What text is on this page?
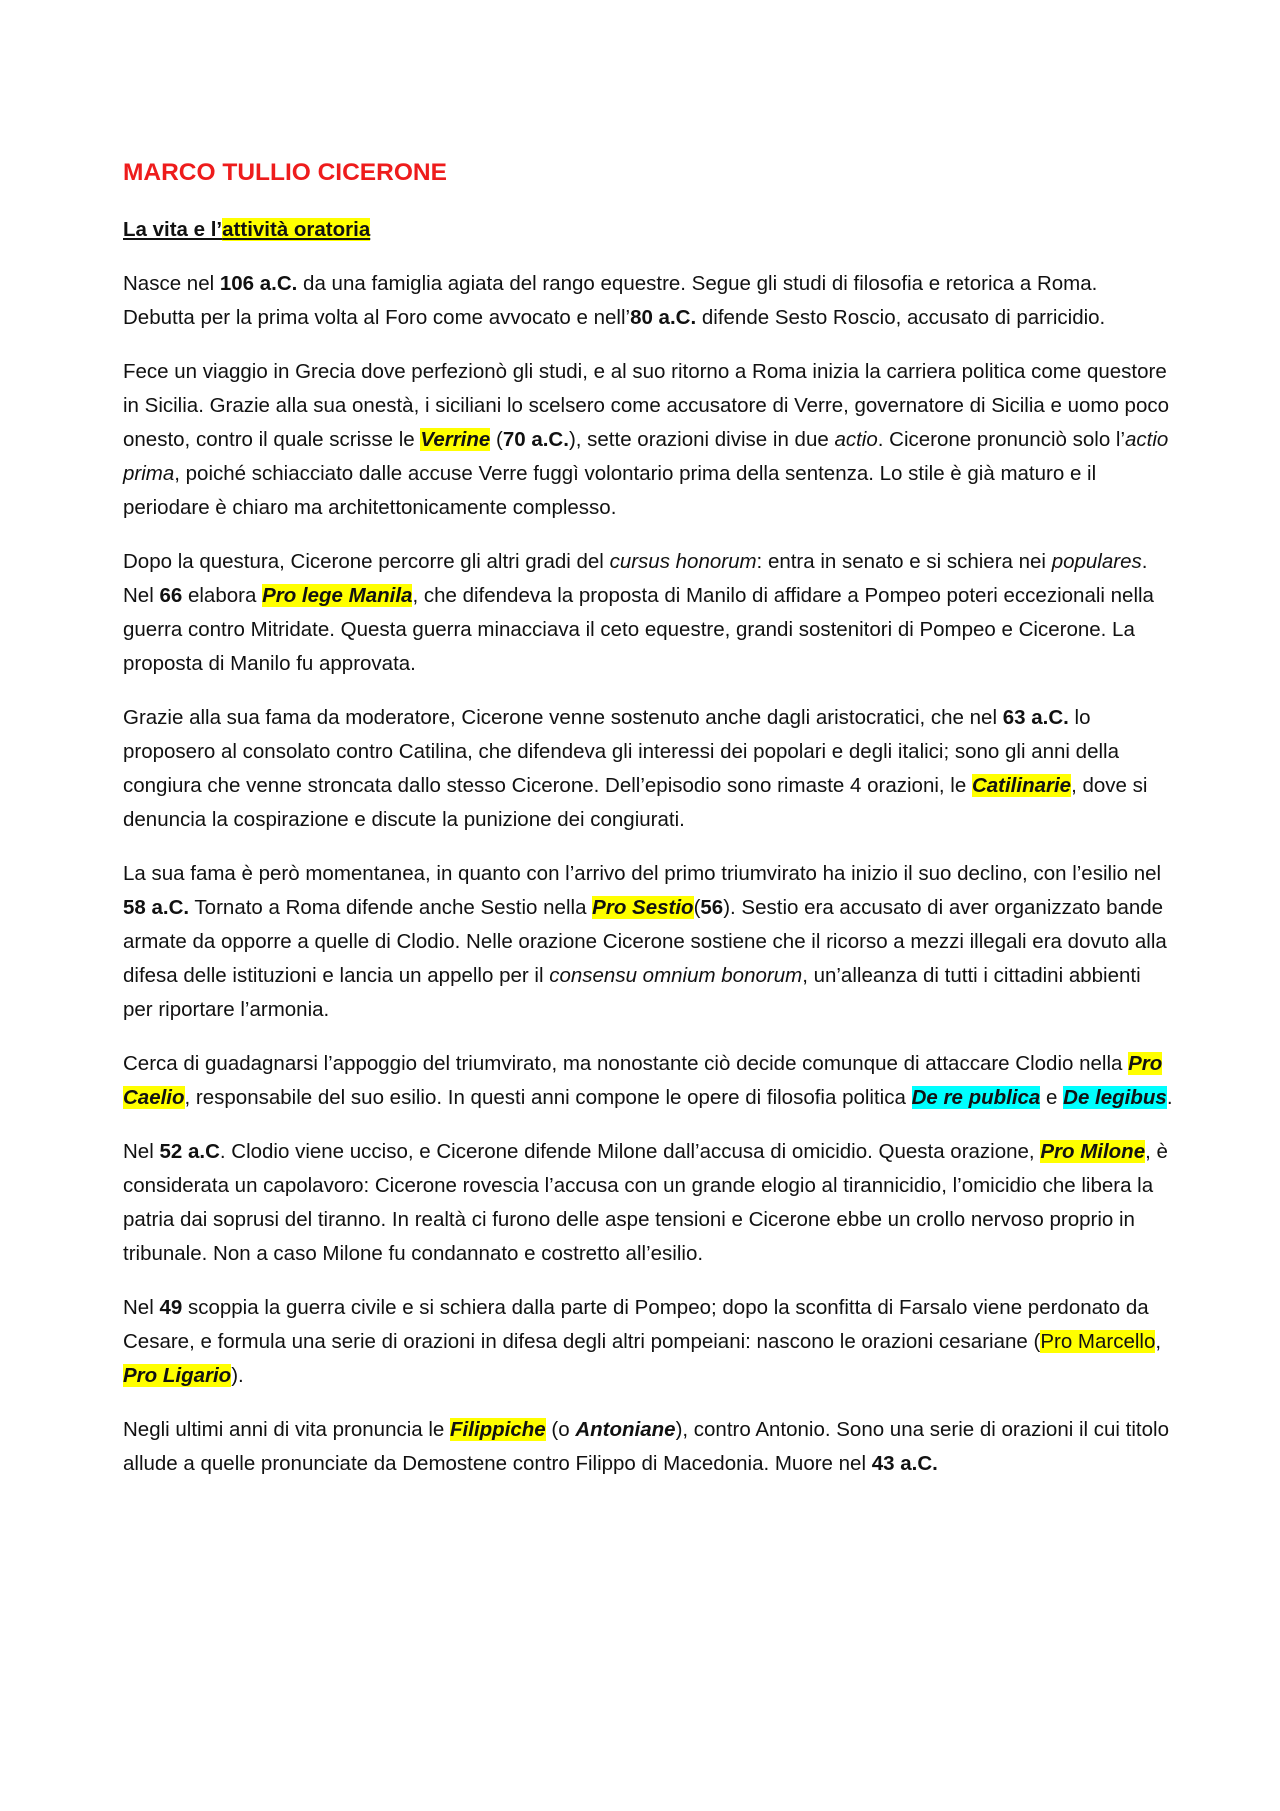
MARCO TULLIO CICERONE
La vita e l’attività oratoria

Nasce nel 106 a.C. da una famiglia agiata del rango equestre. Segue gli studi di filosofia e retorica a Roma. Debutta per la prima volta al Foro come avvocato e nell’80 a.C. difende Sesto Roscio, accusato di parricidio.

Fece un viaggio in Grecia dove perfezionò gli studi, e al suo ritorno a Roma inizia la carriera politica come questore in Sicilia. Grazie alla sua onestà, i siciliani lo scelsero come accusatore di Verre, governatore di Sicilia e uomo poco onesto, contro il quale scrisse le Verrine (70 a.C.), sette orazioni divise in due actio. Cicerone pronunciò solo l’actio prima, poiché schiacciato dalle accuse Verre fuggì volontario prima della sentenza. Lo stile è già maturo e il periodare è chiaro ma architettonicamente complesso.

Dopo la questura, Cicerone percorre gli altri gradi del cursus honorum: entra in senato e si schiera nei populares. Nel 66 elabora Pro lege Manila, che difendeva la proposta di Manilo di affidare a Pompeo poteri eccezionali nella guerra contro Mitridate. Questa guerra minacciava il ceto equestre, grandi sostenitori di Pompeo e Cicerone. La proposta di Manilo fu approvata.

Grazie alla sua fama da moderatore, Cicerone venne sostenuto anche dagli aristocratici, che nel 63 a.C. lo proposero al consolato contro Catilina, che difendeva gli interessi dei popolari e degli italici; sono gli anni della congiura che venne stroncata dallo stesso Cicerone. Dell’episodio sono rimaste 4 orazioni, le Catilinarie, dove si denuncia la cospirazione e discute la punizione dei congiurati.

La sua fama è però momentanea, in quanto con l’arrivo del primo triumvirato ha inizio il suo declino, con l’esilio nel 58 a.C. Tornato a Roma difende anche Sestio nella Pro Sestio(56). Sestio era accusato di aver organizzato bande armate da opporre a quelle di Clodio. Nelle orazione Cicerone sostiene che il ricorso a mezzi illegali era dovuto alla difesa delle istituzioni e lancia un appello per il consensu omnium bonorum, un’alleanza di tutti i cittadini abbienti per riportare l’armonia.

Cerca di guadagnarsi l’appoggio del triumvirato, ma nonostante ciò decide comunque di attaccare Clodio nella Pro Caelio, responsabile del suo esilio. In questi anni compone le opere di filosofia politica De re publica e De legibus.

Nel 52 a.C. Clodio viene ucciso, e Cicerone difende Milone dall’accusa di omicidio. Questa orazione, Pro Milone, è considerata un capolavoro: Cicerone rovescia l’accusa con un grande elogio al tirannicidio, l’omicidio che libera la patria dai soprusi del tiranno. In realtà ci furono delle aspe tensioni e Cicerone ebbe un crollo nervoso proprio in tribunale. Non a caso Milone fu condannato e costretto all’esilio.

Nel 49 scoppia la guerra civile e si schiera dalla parte di Pompeo; dopo la sconfitta di Farsalo viene perdonato da Cesare, e formula una serie di orazioni in difesa degli altri pompeiani: nascono le orazioni cesariane (Pro Marcello, Pro Ligario).

Negli ultimi anni di vita pronuncia le Filippiche (o Antoniane), contro Antonio. Sono una serie di orazioni il cui titolo allude a quelle pronunciate da Demostene contro Filippo di Macedonia. Muore nel 43 a.C.
